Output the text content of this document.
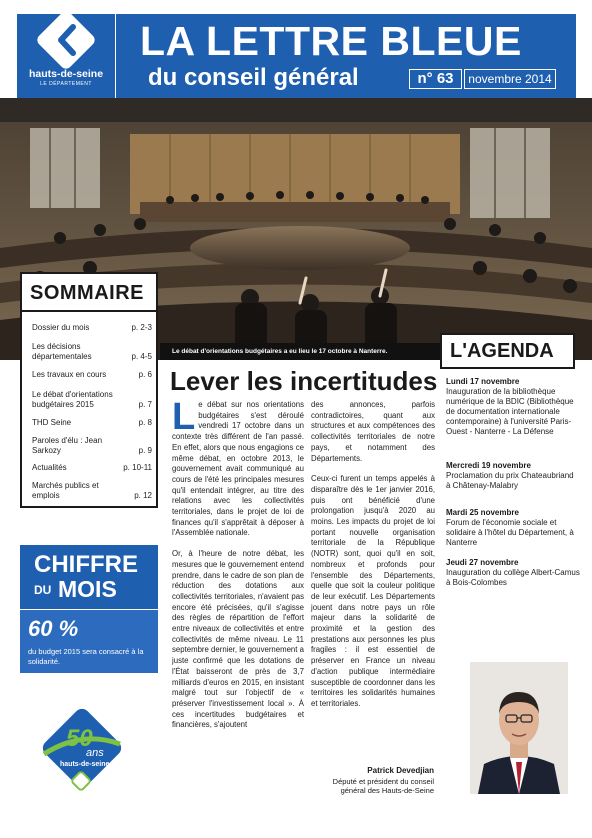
hauts-de-seine
LE DÉPARTEMENT
LA LETTRE BLEUE
du conseil général	n° 63	novembre 2014
Le débat d'orientations budgétaires a eu lieu le 17 octobre à Nanterre.
SOMMAIRE
Dossier du mois	p. 2-3
Les décisions départementales	p. 4-5
Les travaux en cours	p. 6
Le débat d'orientations budgétaires 2015	p. 7
THD Seine	p. 8
Paroles d'élu : Jean Sarkozy	p. 9
Actualités	p. 10-11
Marchés publics et emplois	p. 12
CHIFFRE
DU MOIS
60 %
du budget 2015 sera consacré à la solidarité.
50
ans
hauts-de-seine
Lever les incertitudes

Le débat sur nos orientations budgétaires s'est déroulé vendredi 17 octobre dans un contexte très différent de l'an passé. En effet, alors que nous engagions ce même débat, en octobre 2013, le gouvernement avait communiqué au cours de l'été les principales mesures qu'il entendait intégrer, au titre des relations avec les collectivités territoriales, dans le projet de loi de finances qu'il s'apprêtait à déposer à l'Assemblée nationale.

Or, à l'heure de notre débat, les mesures que le gouvernement entend prendre, dans le cadre de son plan de réduction des dotations aux collectivités territoriales, n'avaient pas encore été précisées, qu'il s'agisse des règles de répartition de l'effort entre niveaux de collectivités et entre collectivités de même niveau. Le 11 septembre dernier, le gouvernement a juste confirmé que les dotations de l'État baisseront de près de 3,7 milliards d'euros en 2015, en insistant malgré tout sur l'objectif de « préserver l'investissement local ». À ces incertitudes budgétaires et financières, s'ajoutent

des annonces, parfois contradictoires, quant aux structures et aux compétences des collectivités territoriales de notre pays, et notamment des Départements.

Ceux-ci furent un temps appelés à disparaître dès le 1er janvier 2016, puis ont bénéficié d'une prolongation jusqu'à 2020 au moins. Les impacts du projet de loi portant nouvelle organisation territoriale de la République (NOTR) sont, quoi qu'il en soit, nombreux et profonds pour l'ensemble des Départements, quelle que soit la couleur politique de leur exécutif. Les Départements jouent dans notre pays un rôle majeur dans la solidarité de proximité et la gestion des prestations aux personnes les plus fragiles : il est essentiel de préserver en France un niveau d'action publique intermédiaire susceptible de coordonner dans les territoires les solidarités humaines et territoriales.

Patrick Devedjian
Député et président du conseil général des Hauts-de-Seine
L'AGENDA
Lundi 17 novembre
Inauguration de la bibliothèque numérique de la BDIC (Bibliothèque de documentation internationale contemporaine) à l'université Paris-Ouest - Nanterre - La Défense
Mercredi 19 novembre
Proclamation du prix Chateaubriand à Châtenay-Malabry
Mardi 25 novembre
Forum de l'économie sociale et solidaire à l'hôtel du Département, à Nanterre
Jeudi 27 novembre
Inauguration du collège Albert-Camus à Bois-Colombes
